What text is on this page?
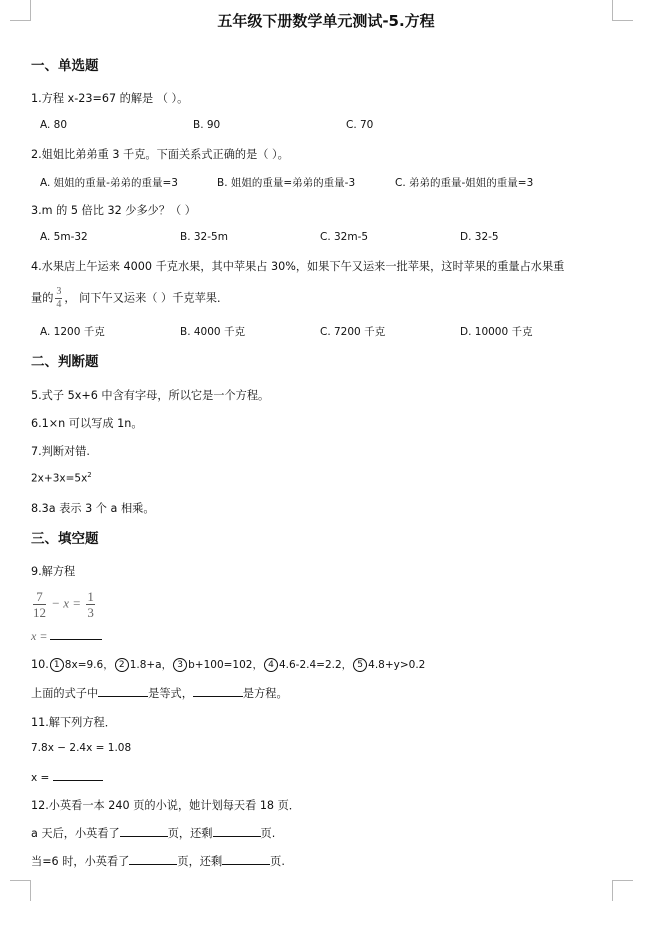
五年级下册数学单元测试-5.方程
一、单选题
1.方程 x-23=67 的解是 （ ）。
A. 80	B. 90	C. 70
2.姐姐比弟弟重 3 千克。下面关系式正确的是（ ）。
A. 姐姐的重量-弟弟的重量=3	B. 姐姐的重量=弟弟的重量-3	C. 弟弟的重量-姐姐的重量=3
3.m 的 5 倍比 32 少多少？（ ）
A. 5m-32	B. 32-5m	C. 32m-5	D. 32-5
4.水果店上午运来 4000 千克水果，其中苹果占 30%，如果下午又运来一批苹果，这时苹果的重量占水果重
量的 $\frac{3}{4}$ ， 问下午又运来（ ）千克苹果．
A. 1200 千克	B. 4000 千克	C. 7200 千克	D. 10000 千克
二、判断题
5.式子 5x+6 中含有字母，所以它是一个方程。
6.1×n 可以写成 1n。
7.判断对错.
$2x+3x=5x^2$
8.3a 表示 3 个 a 相乘。
三、填空题
9.解方程
$\frac{7}{12} - x = \frac{1}{3}$
x =
10. 1 8x=9.6， 2 1.8+a， 3 b+100=102， 4 4.6-2.4=2.2， 5 4.8+y>0.2
上面的式子中	是等式，	是方程。
11.解下列方程．
7.8x − 2.4x = 1.08
x =
12.小英看一本 240 页的小说，她计划每天看 18 页．
a 天后，小英看了	页，还剩	页.
当=6 时，小英看了	页，还剩	页.
